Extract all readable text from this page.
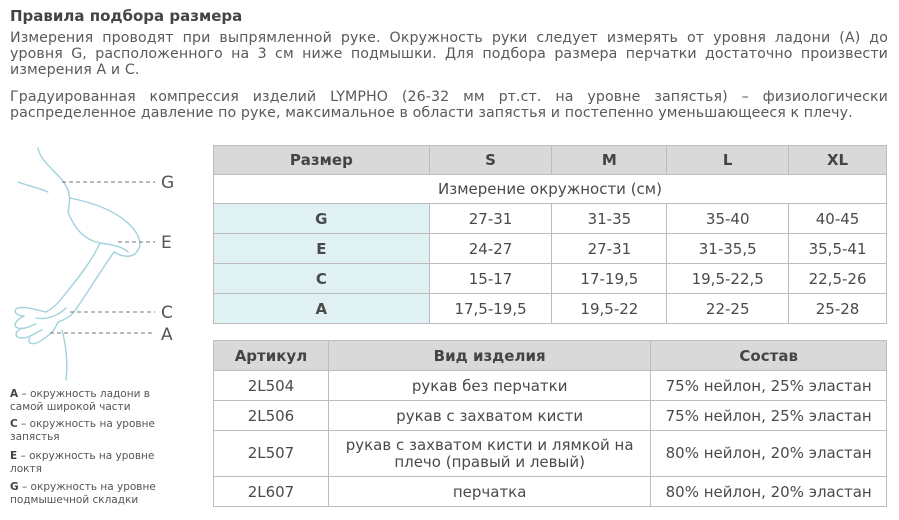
Правила подбора размера
Измерения проводят при выпрямленной руке. Окружность руки следует измерять от уровня ладони (А) до уровня G, расположенного на 3 см ниже подмышки. Для подбора размера перчатки достаточно произвести измерения А и С.
Градуированная компрессия изделий LYMPHO (26-32 мм рт.ст. на уровне запястья) – физиологически распределенное давление по руке, максимальное в области запястья и постепенно уменьшающееся к плечу.
G
E
C
A
Размер	S	M	L	XL
Измерение окружности (см)				
G	27-31	31-35	35-40	40-45
E	24-27	27-31	31-35,5	35,5-41
C	15-17	17-19,5	19,5-22,5	22,5-26
A	17,5-19,5	19,5-22	22-25	25-28
Артикул	Вид изделия	Состав
2L504	рукав без перчатки	75% нейлон, 25% эластан
2L506	рукав с захватом кисти	75% нейлон, 25% эластан
2L507	рукав с захватом кисти и лямкой на плечо (правый и левый)	80% нейлон, 20% эластан
2L607	перчатка	80% нейлон, 20% эластан
А – окружность ладони в самой широкой части
С – окружность на уровне запястья
Е – окружность на уровне локтя
G – окружность на уровне подмышечной складки
